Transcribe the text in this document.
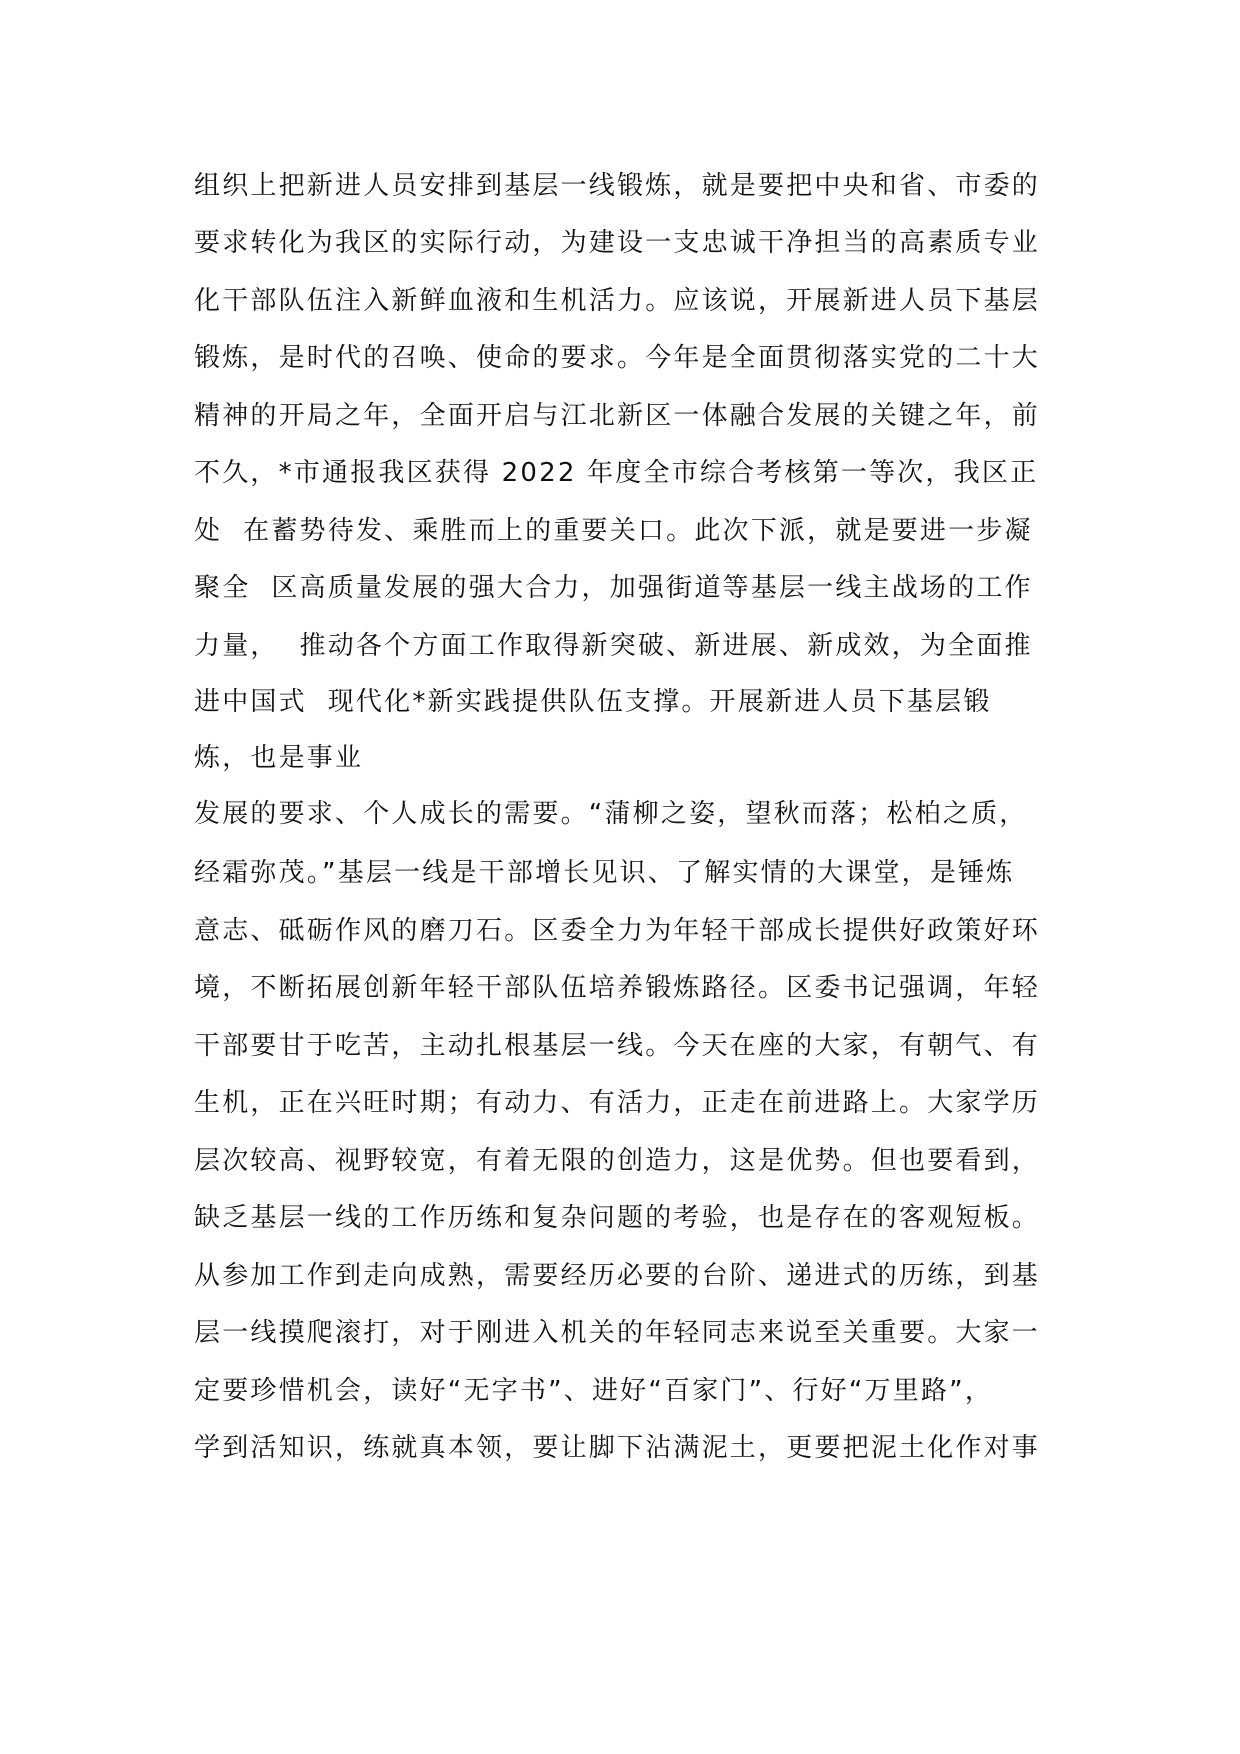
组织上把新进人员安排到基层一线锻炼，就是要把中央和省、市委的

要求转化为我区的实际行动，为建设一支忠诚干净担当的高素质专业

化干部队伍注入新鲜血液和生机活力。应该说，开展新进人员下基层

锻炼，是时代的召唤、使命的要求。今年是全面贯彻落实党的二十大

精神的开局之年，全面开启与江北新区一体融合发展的关键之年，前

不久，*市通报我区获得 2022 年度全市综合考核第一等次，我区正

处  在蓄势待发、乘胜而上的重要关口。此次下派，就是要进一步凝

聚全  区高质量发展的强大合力，加强街道等基层一线主战场的工作

力量，  推动各个方面工作取得新突破、新进展、新成效，为全面推

进中国式  现代化*新实践提供队伍支撑。开展新进人员下基层锻

炼，也是事业

发展的要求、个人成长的需要。“蒲柳之姿，望秋而落；松柏之质，

经霜弥茂。”基层一线是干部增长见识、了解实情的大课堂，是锤炼

意志、砥砺作风的磨刀石。区委全力为年轻干部成长提供好政策好环

境，不断拓展创新年轻干部队伍培养锻炼路径。区委书记强调，年轻

干部要甘于吃苦，主动扎根基层一线。今天在座的大家，有朝气、有

生机，正在兴旺时期；有动力、有活力，正走在前进路上。大家学历

层次较高、视野较宽，有着无限的创造力，这是优势。但也要看到，

缺乏基层一线的工作历练和复杂问题的考验，也是存在的客观短板。

从参加工作到走向成熟，需要经历必要的台阶、递进式的历练，到基

层一线摸爬滚打，对于刚进入机关的年轻同志来说至关重要。大家一

定要珍惜机会，读好“无字书”、进好“百家门”、行好“万里路”，

学到活知识，练就真本领，要让脚下沾满泥土，更要把泥土化作对事
